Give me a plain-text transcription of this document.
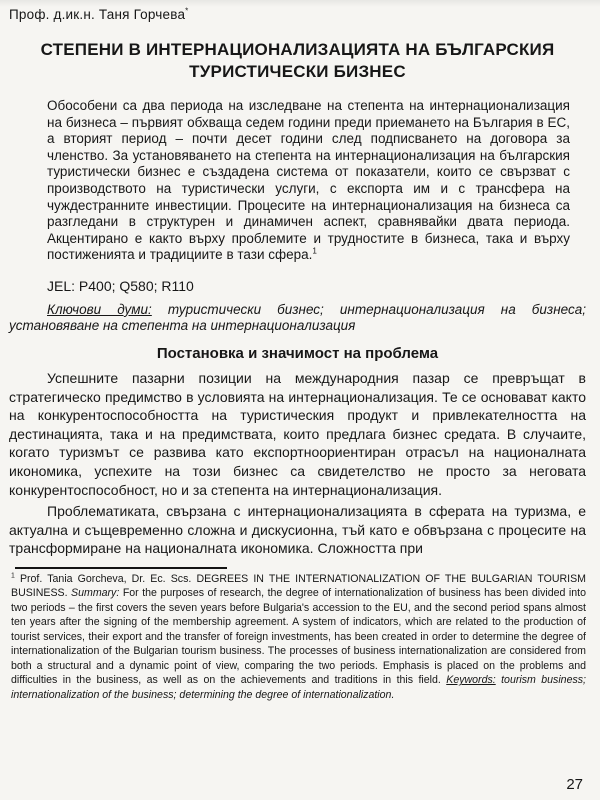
Проф. д.ик.н. Таня Горчева*
СТЕПЕНИ В ИНТЕРНАЦИОНАЛИЗАЦИЯТА НА БЪЛГАРСКИЯ ТУРИСТИЧЕСКИ БИЗНЕС
Обособени са два периода на изследване на степента на интернационализация на бизнеса – първият обхваща седем години преди приемането на България в ЕС, а вторият период – почти десет години след подписването на договора за членство. За установяването на степента на интернационализация на българския туристически бизнес е създадена система от показатели, които се свързват с производството на туристически услуги, с експорта им и с трансфера на чуждестранните инвестиции. Процесите на интернационализация на бизнеса са разгледани в структурен и динамичен аспект, сравнявайки двата периода. Акцентирано е както върху проблемите и трудностите в бизнеса, така и върху постиженията и традициите в тази сфера.$^1$
JEL: P400; Q580; R110
Ключови думи: туристически бизнес; интернационализация на бизнеса; установяване на степента на интернационализация
Постановка и значимост на проблема

Успешните пазарни позиции на международния пазар се превръщат в стратегическо предимство в условията на интернационализация. Те се основават както на конкурентоспособността на туристическия продукт и привлекателността на дестинацията, така и на предимствата, които предлага бизнес средата. В случаите, когато туризмът се развива като експортноориентиран отрасъл на националната икономика, успехите на този бизнес са свидетелство не просто за неговата конкурентоспособност, но и за степента на интернационализация.

Проблематиката, свързана с интернационализацията в сферата на туризма, е актуална и същевременно сложна и дискусионна, тъй като е обвързана с процесите на трансформиране на националната икономика. Сложността при

$^1$ Prof. Tania Gorcheva, Dr. Ec. Scs. DEGREES IN THE INTERNATIONALIZATION OF THE BULGARIAN TOURISM BUSINESS. Summary: For the purposes of research, the degree of internationalization of business has been divided into two periods – the first covers the seven years before Bulgaria's accession to the EU, and the second period spans almost ten years after the signing of the membership agreement. A system of indicators, which are related to the production of tourist services, their export and the transfer of foreign investments, has been created in order to determine the degree of internationalization of the Bulgarian tourism business. The processes of business internationalization are considered from both a structural and a dynamic point of view, comparing the two periods. Emphasis is placed on the problems and difficulties in the business, as well as on the achievements and traditions in this field. Keywords: tourism business; internationalization of the business; determining the degree of internationalization.
27
